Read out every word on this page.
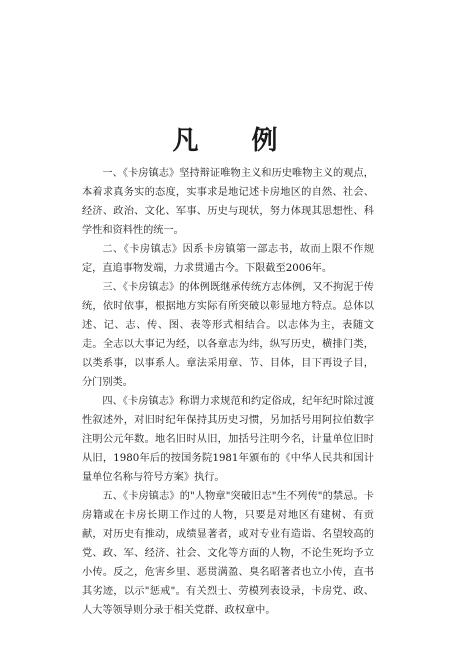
凡 例

一、《卡房镇志》坚持辩证唯物主义和历史唯物主义的观点，本着求真务实的态度，实事求是地记述卡房地区的自然、社会、经济、政治、文化、军事、历史与现状，努力体现其思想性、科学性和资料性的统一。

二、《卡房镇志》因系卡房镇第一部志书，故而上限不作规定，直追事物发端，力求贯通古今。下限截至2006年。

三、《卡房镇志》的体例既继承传统方志体例，又不拘泥于传统，依时依事，根据地方实际有所突破以彰显地方特点。总体以述、记、志、传、图、表等形式相结合。以志体为主，表随文走。全志以大事记为经，以各章志为纬，纵写历史，横排门类，以类系事，以事系人。章法采用章、节、目体，目下再设子目，分门别类。

四、《卡房镇志》称谓力求规范和约定俗成，纪年纪时除过渡性叙述外，对旧时纪年保持其历史习惯，另加括号用阿拉伯数字注明公元年数。地名旧时从旧，加括号注明今名，计量单位旧时从旧，1980年后的按国务院1981年颁布的《中华人民共和国计量单位名称与符号方案》执行。

五、《卡房镇志》的"人物章"突破旧志"生不列传"的禁忌。卡房籍或在卡房长期工作过的人物，只要是对地区有建树、有贡献，对历史有推动，成绩显著者，或对专业有造诣、名望较高的党、政、军、经济、社会、文化等方面的人物，不论生死均予立小传。反之，危害乡里、恶贯满盈、臭名昭著者也立小传，直书其劣迹，以示"惩戒"。有关烈士、劳模列表设录，卡房党、政、人大等领导则分录于相关党群、政权章中。
